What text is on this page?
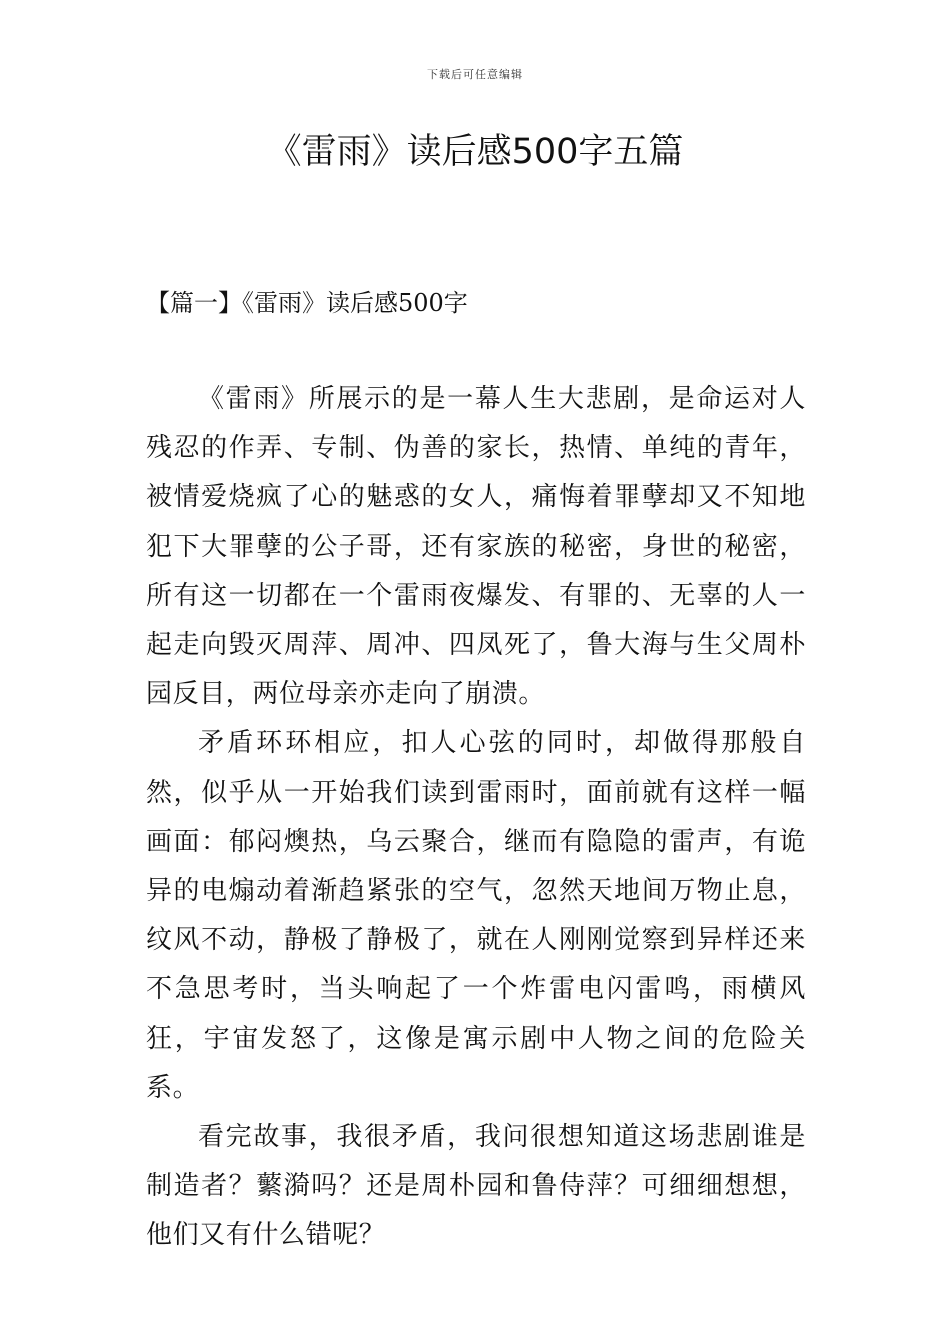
下载后可任意编辑
《雷雨》读后感500字五篇
【篇一】《雷雨》读后感500字

《雷雨》所展示的是一幕人生大悲剧，是命运对人残忍的作弄、专制、伪善的家长，热情、单纯的青年，被情爱烧疯了心的魅惑的女人，痛悔着罪孽却又不知地犯下大罪孽的公子哥，还有家族的秘密，身世的秘密，所有这一切都在一个雷雨夜爆发、有罪的、无辜的人一起走向毁灭周萍、周冲、四凤死了，鲁大海与生父周朴园反目，两位母亲亦走向了崩溃。

矛盾环环相应，扣人心弦的同时，却做得那般自然，似乎从一开始我们读到雷雨时，面前就有这样一幅画面：郁闷燠热，乌云聚合，继而有隐隐的雷声，有诡异的电煽动着渐趋紧张的空气，忽然天地间万物止息，纹风不动，静极了静极了，就在人刚刚觉察到异样还来不急思考时，当头响起了一个炸雷电闪雷鸣，雨横风狂，宇宙发怒了，这像是寓示剧中人物之间的危险关系。

看完故事，我很矛盾，我问很想知道这场悲剧谁是制造者？蘩漪吗？还是周朴园和鲁侍萍？可细细想想，他们又有什么错呢？
